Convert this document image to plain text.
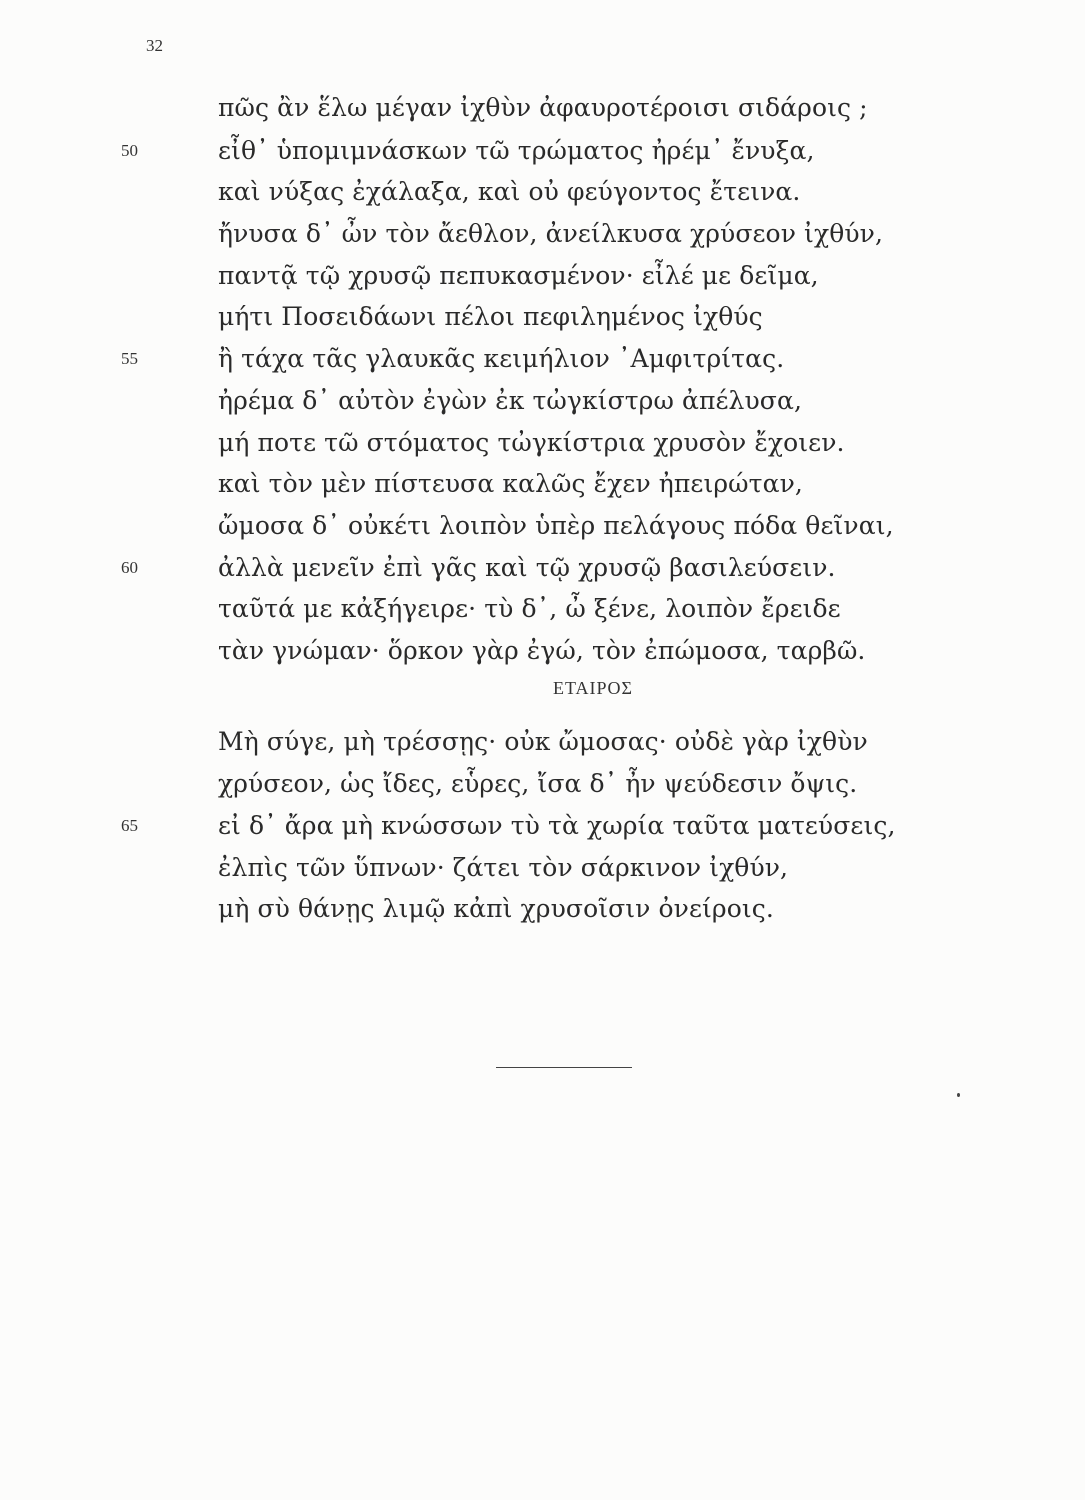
32
πῶς ἂν ἕλω μέγαν ἰχθὺν ἀφαυροτέροισι σιδάροις ;
50	εἶθ᾽ ὑπομιμνάσκων τῶ τρώματος ἠρέμ᾽ ἔνυξα,
καὶ νύξας ἐχάλαξα, καὶ οὐ φεύγοντος ἔτεινα.
ἤνυσα δ᾽ ὦν τὸν ἄεθλον, ἀνείλκυσα χρύσεον ἰχθύν,
παντᾷ τῷ χρυσῷ πεπυκασμένον· εἶλέ με δεῖμα,
μήτι Ποσειδάωνι πέλοι πεφιλημένος ἰχθύς
55	ἢ τάχα τᾶς γλαυκᾶς κειμήλιον ᾿Αμφιτρίτας.
ἠρέμα δ᾽ αὐτὸν ἐγὼν ἐκ τὠγκίστρω ἀπέλυσα,
μή ποτε τῶ στόματος τὠγκίστρια χρυσὸν ἔχοιεν.
καὶ τὸν μὲν πίστευσα καλῶς ἔχεν ἠπειρώταν,
ὤμοσα δ᾽ οὐκέτι λοιπὸν ὑπὲρ πελάγους πόδα θεῖναι,
60	ἀλλὰ μενεῖν ἐπὶ γᾶς καὶ τῷ χρυσῷ βασιλεύσειν.
ταῦτά με κἀξήγειρε· τὺ δ᾽, ὦ ξένε, λοιπὸν ἔρειδε
τὰν γνώμαν· ὅρκον γὰρ ἐγώ, τὸν ἐπώμοσα, ταρβῶ.
ΕΤΑΙΡΟΣ
Μὴ σύγε, μὴ τρέσσῃς· οὐκ ὤμοσας· οὐδὲ γὰρ ἰχθὺν
χρύσεον, ὡς ἴδες, εὗρες, ἴσα δ᾽ ἦν ψεύδεσιν ὄψις.
65	εἰ δ᾽ ἄρα μὴ κνώσσων τὺ τὰ χωρία ταῦτα ματεύσεις,
ἐλπὶς τῶν ὕπνων· ζάτει τὸν σάρκινον ἰχθύν,
μὴ σὺ θάνῃς λιμῷ κἀπὶ χρυσοῖσιν ὀνείροις.
